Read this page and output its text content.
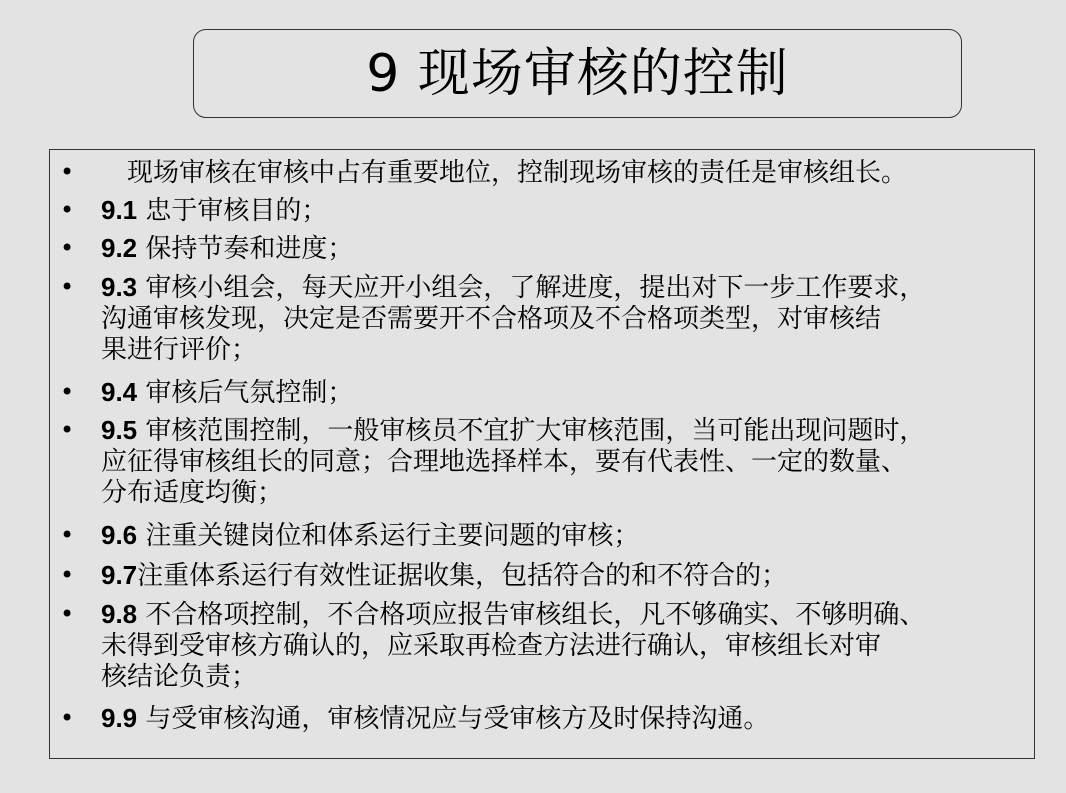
9 现场审核的控制
• 　现场审核在审核中占有重要地位，控制现场审核的责任是审核组长。
• 9.1 忠于审核目的；
• 9.2 保持节奏和进度；
• 9.3 审核小组会，每天应开小组会，了解进度，提出对下一步工作要求，
沟通审核发现，决定是否需要开不合格项及不合格项类型，对审核结
果进行评价；
• 9.4 审核后气氛控制；
• 9.5 审核范围控制，一般审核员不宜扩大审核范围，当可能出现问题时，
应征得审核组长的同意；合理地选择样本，要有代表性、一定的数量、
分布适度均衡；
• 9.6 注重关键岗位和体系运行主要问题的审核；
• 9.7注重体系运行有效性证据收集，包括符合的和不符合的；
• 9.8 不合格项控制，不合格项应报告审核组长，凡不够确实、不够明确、
未得到受审核方确认的，应采取再检查方法进行确认，审核组长对审
核结论负责；
• 9.9 与受审核沟通，审核情况应与受审核方及时保持沟通。
